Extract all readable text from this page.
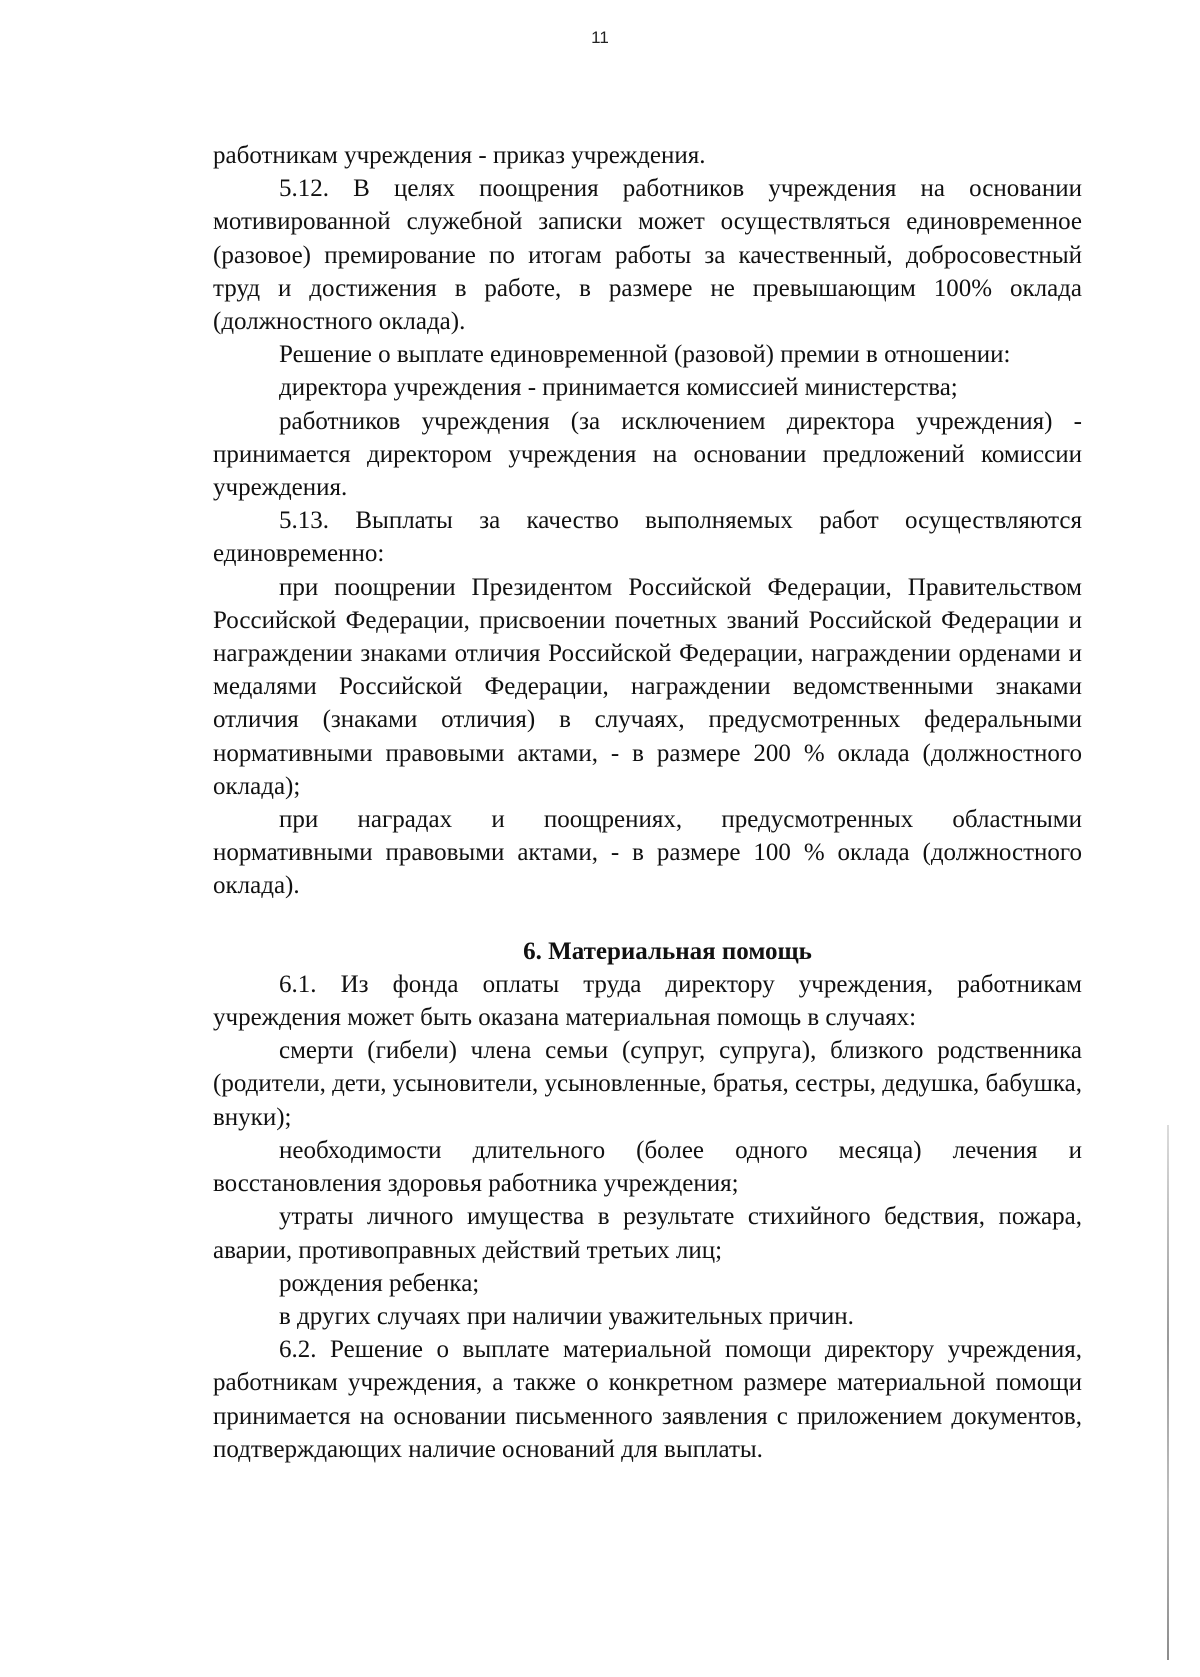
11

работникам учреждения - приказ учреждения.

5.12. В целях поощрения работников учреждения на основании мотивированной служебной записки может осуществляться единовременное (разовое) премирование по итогам работы за качественный, добросовестный труд и достижения в работе, в размере не превышающим 100% оклада (должностного оклада).

Решение о выплате единовременной (разовой) премии в отношении:

директора учреждения - принимается комиссией министерства;

работников учреждения (за исключением директора учреждения) - принимается директором учреждения на основании предложений комиссии учреждения.

5.13. Выплаты за качество выполняемых работ осуществляются единовременно:

при поощрении Президентом Российской Федерации, Правительством Российской Федерации, присвоении почетных званий Российской Федерации и награждении знаками отличия Российской Федерации, награждении орденами и медалями Российской Федерации, награждении ведомственными знаками отличия (знаками отличия) в случаях, предусмотренных федеральными нормативными правовыми актами, - в размере 200 % оклада (должностного оклада);

при наградах и поощрениях, предусмотренных областными нормативными правовыми актами, - в размере 100 % оклада (должностного оклада).

6. Материальная помощь

6.1. Из фонда оплаты труда директору учреждения, работникам учреждения может быть оказана материальная помощь в случаях:

смерти (гибели) члена семьи (супруг, супруга), близкого родственника (родители, дети, усыновители, усыновленные, братья, сестры, дедушка, бабушка, внуки);

необходимости длительного (более одного месяца) лечения и восстановления здоровья работника учреждения;

утраты личного имущества в результате стихийного бедствия, пожара, аварии, противоправных действий третьих лиц;

рождения ребенка;

в других случаях при наличии уважительных причин.

6.2. Решение о выплате материальной помощи директору учреждения, работникам учреждения, а также о конкретном размере материальной помощи принимается на основании письменного заявления с приложением документов, подтверждающих наличие оснований для выплаты.
